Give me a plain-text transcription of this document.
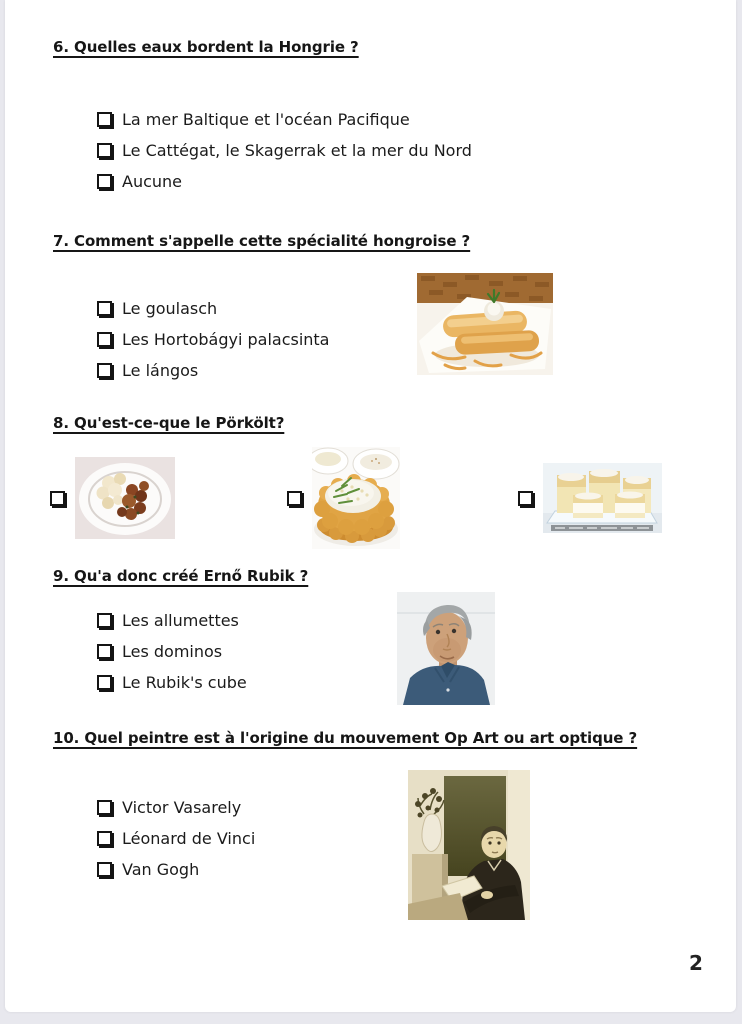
6. Quelles eaux bordent la Hongrie ?
La mer Baltique et l'océan Pacifique
Le Cattégat, le Skagerrak et la mer du Nord
Aucune
7. Comment s'appelle cette spécialité hongroise ?
Le goulasch
Les Hortobágyi palacsinta
Le lángos
8. Qu'est-ce-que le Pörkölt?
9. Qu'a donc créé Ernő Rubik ?
Les allumettes
Les dominos
Le Rubik's cube
10. Quel peintre est à l'origine du mouvement Op Art ou art optique ?
Victor Vasarely
Léonard de Vinci
Van Gogh
2
